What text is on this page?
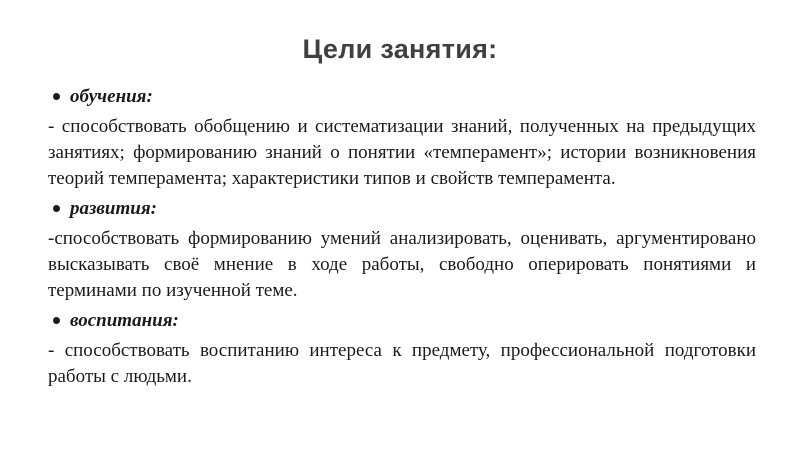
Цели занятия:
обучения:

- способствовать обобщению и систематизации знаний, полученных на предыдущих занятиях; формированию знаний о понятии «темперамент»; истории возникновения теорий темперамента; характеристики типов и свойств темперамента.

развития:

-способствовать формированию умений анализировать, оценивать, аргументировано высказывать своё мнение в ходе работы, свободно оперировать понятиями и терминами по изученной теме.

воспитания:

- способствовать воспитанию интереса к предмету, профессиональной подготовки работы с людьми.
